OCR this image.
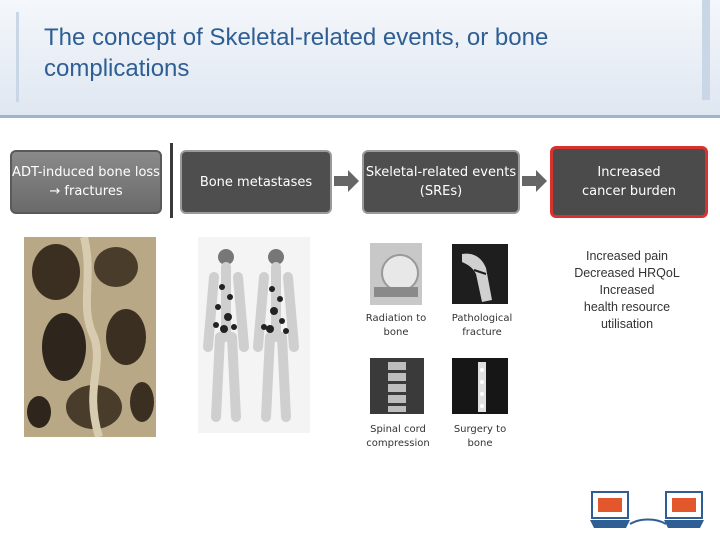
The concept of Skeletal-related events, or bone complications
ADT-induced bone loss → fractures
Bone metastases
Skeletal-related events (SREs)
Increased cancer burden
Radiation to bone
Pathological fracture
Spinal cord compression
Surgery to bone
Increased pain
Decreased HRQoL
Increased
health resource
utilisation
